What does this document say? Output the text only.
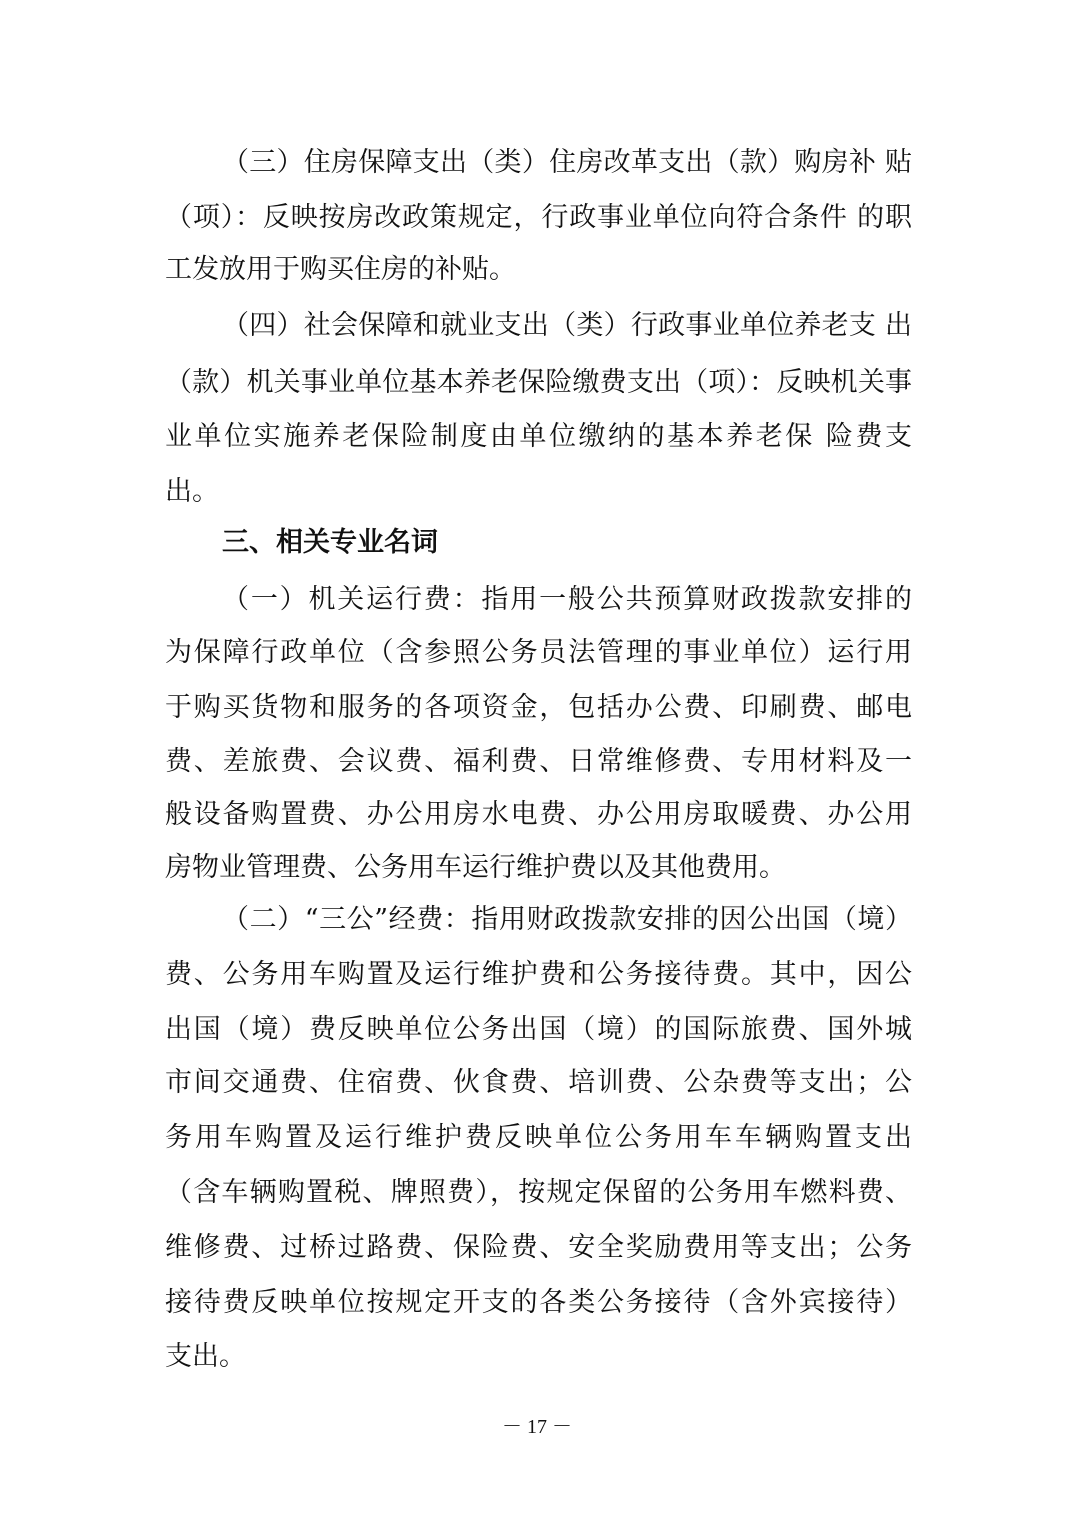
（三）住房保障支出（类）住房改革支出（款）购房补 贴
（项）：反映按房改政策规定，行政事业单位向符合条件 的职
工发放用于购买住房的补贴。
（四）社会保障和就业支出（类）行政事业单位养老支 出
（款）机关事业单位基本养老保险缴费支出（项）：反映机关事
业单位实施养老保险制度由单位缴纳的基本养老保 险费支
出。
三、相关专业名词
（一）机关运行费：指用一般公共预算财政拨款安排的
为保障行政单位（含参照公务员法管理的事业单位）运行用
于购买货物和服务的各项资金，包括办公费、印刷费、邮电
费、差旅费、会议费、福利费、日常维修费、专用材料及一
般设备购置费、办公用房水电费、办公用房取暖费、办公用
房物业管理费、公务用车运行维护费以及其他费用。
（二）“三公”经费：指用财政拨款安排的因公出国（境）
费、公务用车购置及运行维护费和公务接待费。其中，因公
出国（境）费反映单位公务出国（境）的国际旅费、国外城
市间交通费、住宿费、伙食费、培训费、公杂费等支出；公
务用车购置及运行维护费反映单位公务用车车辆购置支出
（含车辆购置税、牌照费），按规定保留的公务用车燃料费、
维修费、过桥过路费、保险费、安全奖励费用等支出；公务
接待费反映单位按规定开支的各类公务接待（含外宾接待）
支出。
－ 17 －
